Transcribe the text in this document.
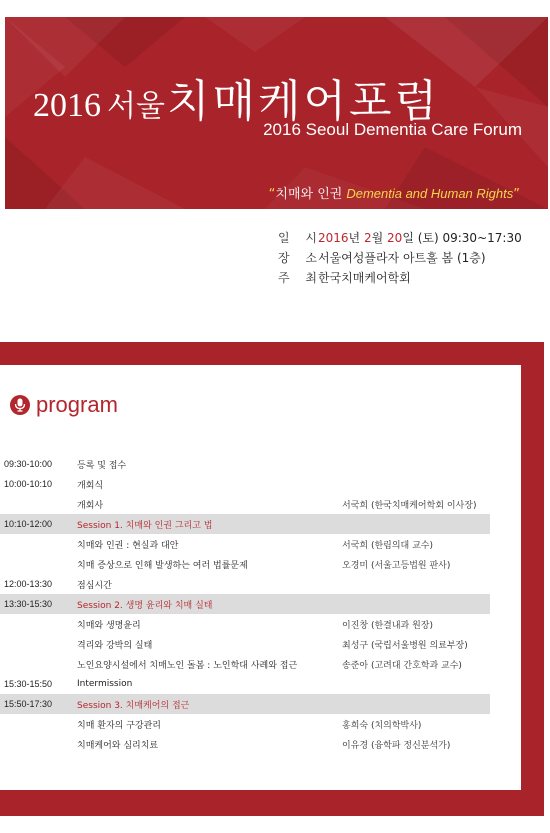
2016 서울치매케어포럼
2016 Seoul Dementia Care Forum
“치매와 인권 Dementia and Human Rights”
일 시
2016년 2월 20일 (토) 09:30~17:30
장 소
서울여성플라자 아트홀 봄 (1층)
주 최
한국치매케어학회
program
09:30-10:00	등록 및 접수	
10:00-10:10	개회식	
	개회사	서국희 (한국치매케어학회 이사장)
10:10-12:00	Session 1. 치매와 인권 그리고 법	
	치매와 인권 : 현실과 대안	서국희 (한림의대 교수)
	치매 증상으로 인해 발생하는 여러 법률문제	오경미 (서울고등법원 판사)
12:00-13:30	점심시간	
13:30-15:30	Session 2. 생명 윤리와 치매 실태	
	치매와 생명윤리	이진창 (한결내과 원장)
	격리와 강박의 실태	최성구 (국립서울병원 의료부장)
	노인요양시설에서 치매노인 돌봄 : 노인학대 사례와 접근	송준아 (고려대 간호학과 교수)
15:30-15:50	Intermission	
15:50-17:30	Session 3. 치매케어의 접근	
	치매 환자의 구강관리	홍희숙 (치의학박사)
	치매케어와 심리치료	이유경 (융학파 정신분석가)
